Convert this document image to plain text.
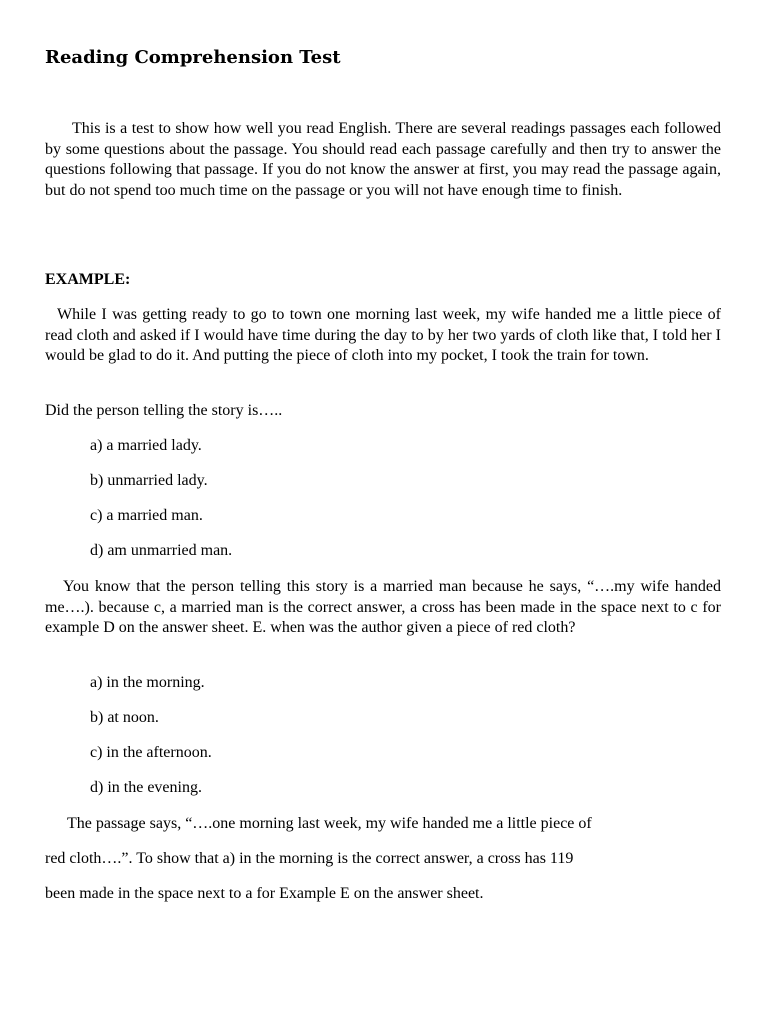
Reading Comprehension Test

This is a test to show how well you read English. There are several readings passages each followed by some questions about the passage. You should read each passage carefully and then try to answer the questions following that passage. If you do not know the answer at first, you may read the passage again, but do not spend too much time on the passage or you will not have enough time to finish.

EXAMPLE:

While I was getting ready to go to town one morning last week, my wife handed me a little piece of read cloth and asked if I would have time during the day to by her two yards of cloth like that, I told her I would be glad to do it. And putting the piece of cloth into my pocket, I took the train for town.

Did the person telling the story is…..

a) a married lady.

b) unmarried lady.

c) a married man.

d) am unmarried man.

You know that the person telling this story is a married man because he says, “….my wife handed me….). because c, a married man is the correct answer, a cross has been made in the space next to c for example D on the answer sheet. E. when was the author given a piece of red cloth?

a) in the morning.

b) at noon.

c) in the afternoon.

d) in the evening.

The passage says, “….one morning last week, my wife handed me a little piece of

red cloth….”. To show that a) in the morning is the correct answer, a cross has 119

been made in the space next to a for Example E on the answer sheet.
